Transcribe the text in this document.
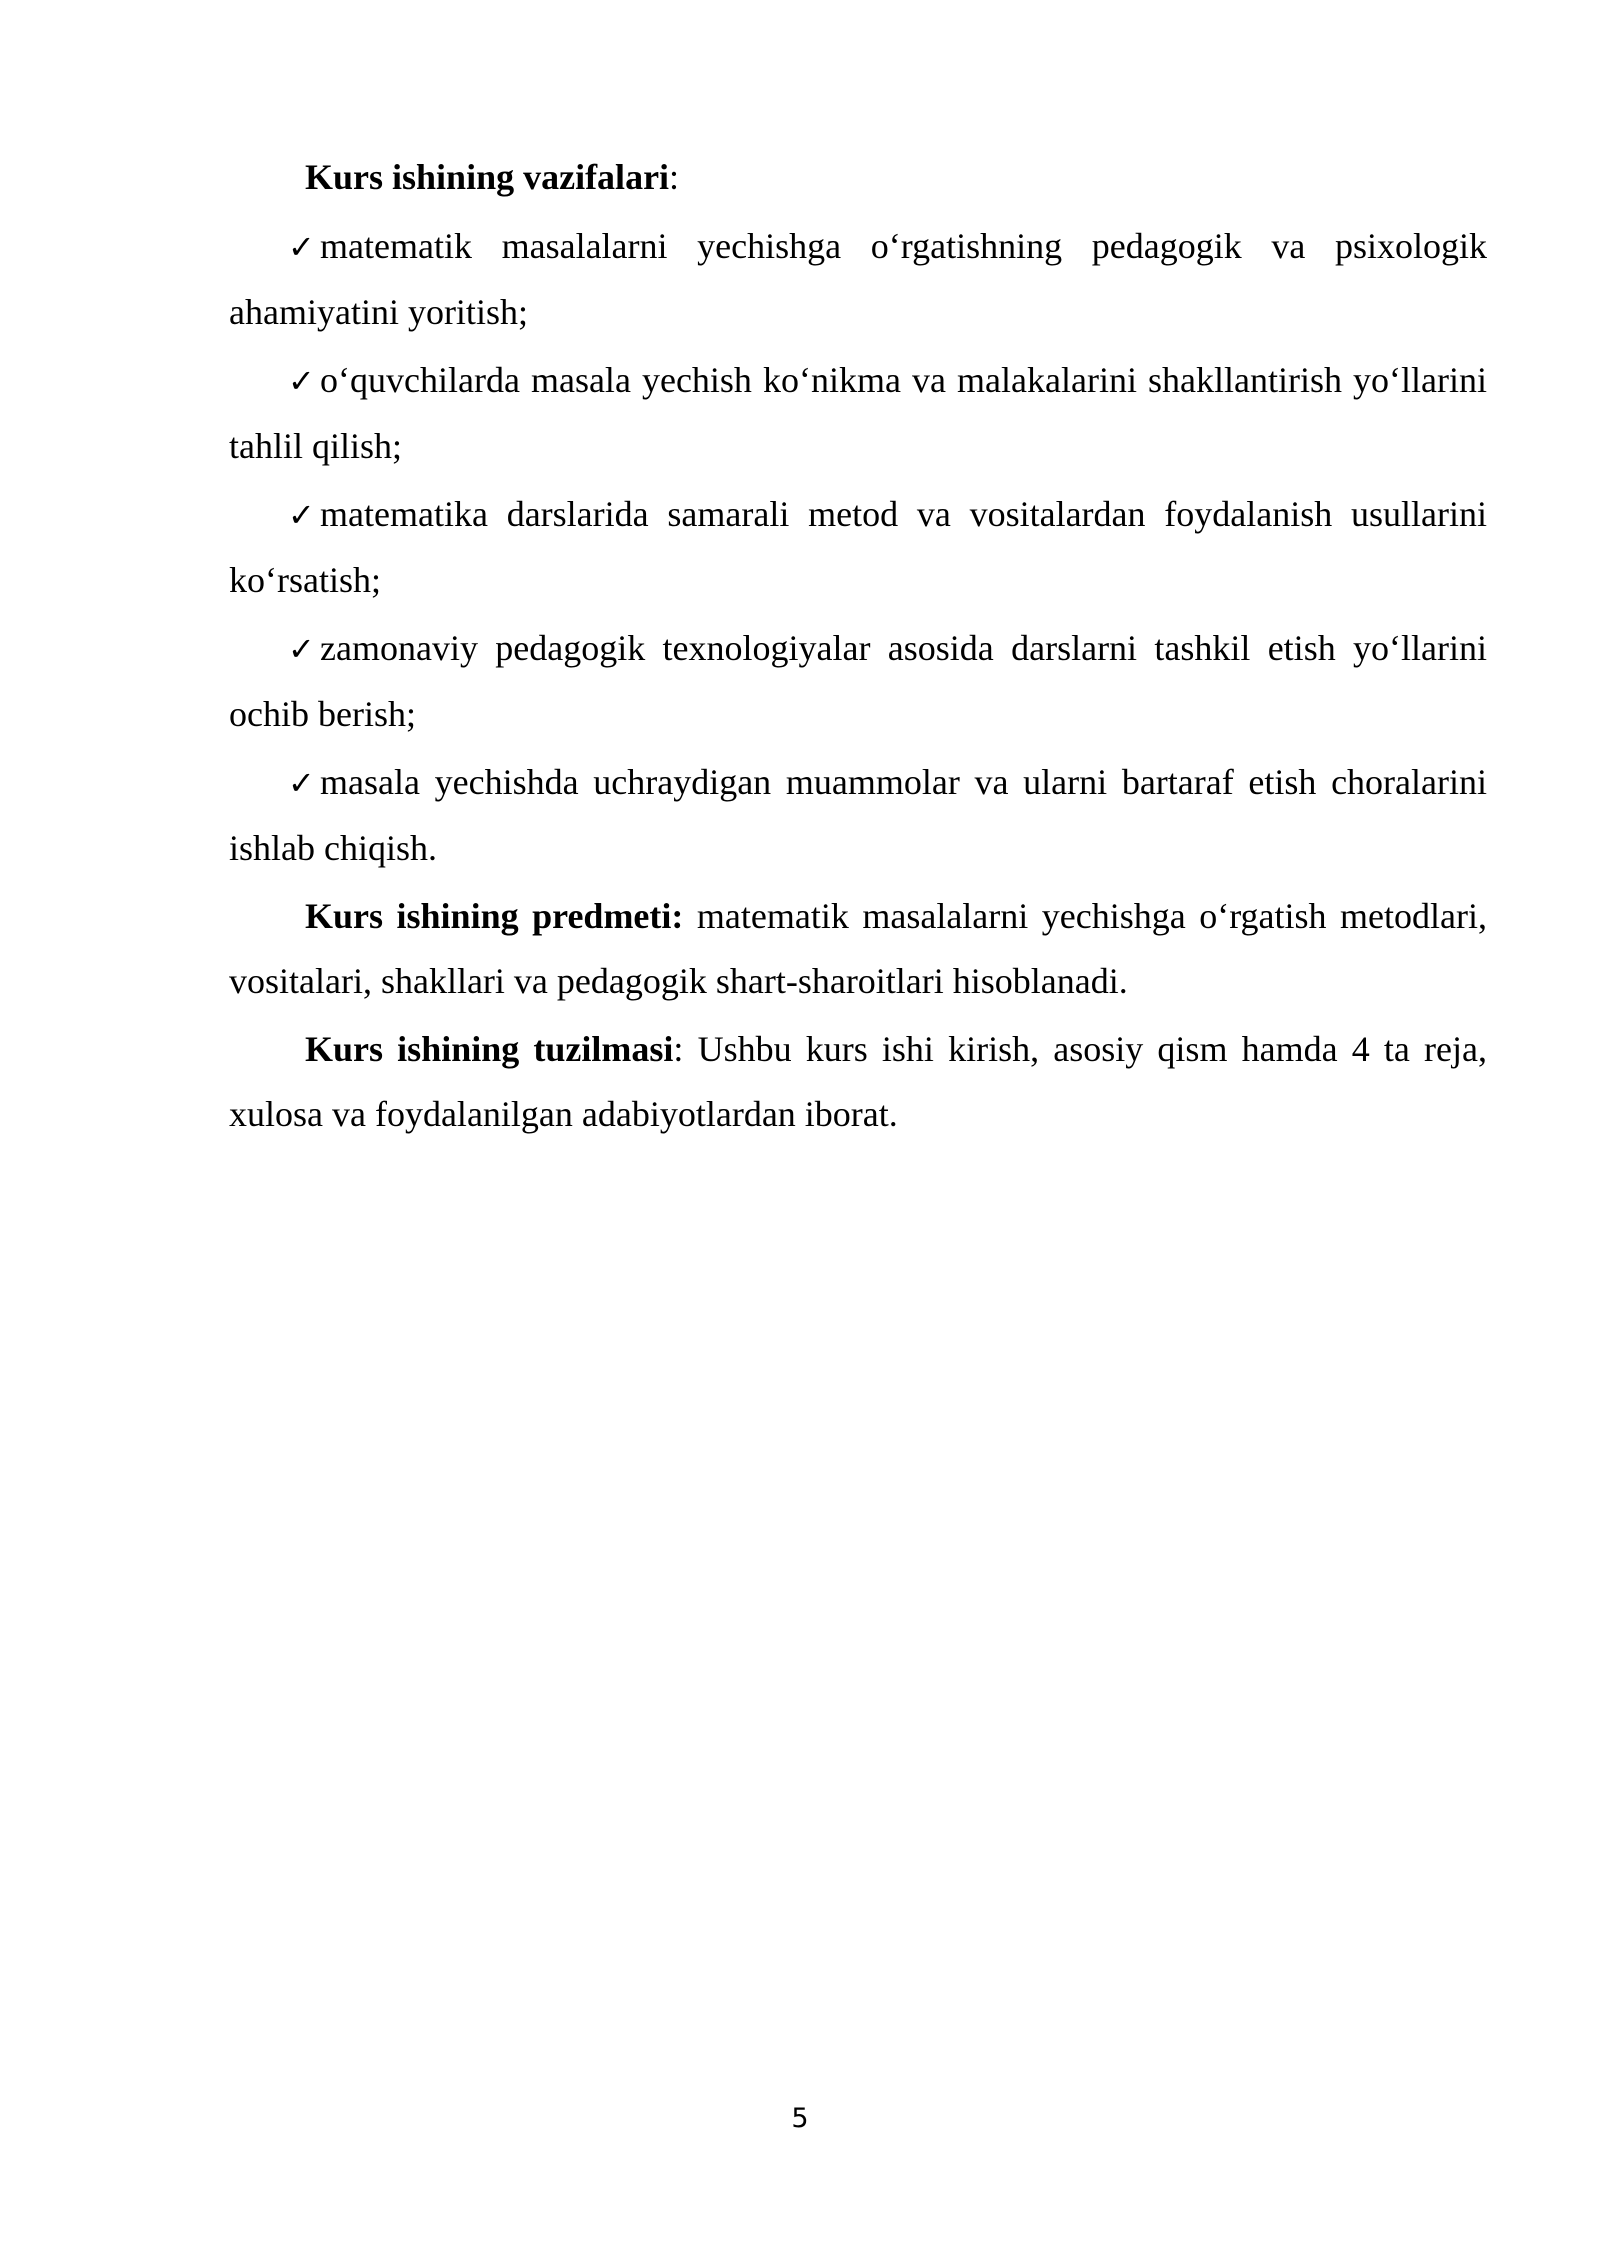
Kurs ishining vazifalari:

✓ matematik masalalarni yechishga o‘rgatishning pedagogik va psixologik ahamiyatini yoritish;

✓ o‘quvchilarda masala yechish ko‘nikma va malakalarini shakllantirish yo‘llarini tahlil qilish;

✓ matematika darslarida samarali metod va vositalardan foydalanish usullarini ko‘rsatish;

✓ zamonaviy pedagogik texnologiyalar asosida darslarni tashkil etish yo‘llarini ochib berish;

✓ masala yechishda uchraydigan muammolar va ularni bartaraf etish choralarini ishlab chiqish.

Kurs ishining predmeti: matematik masalalarni yechishga o‘rgatish metodlari, vositalari, shakllari va pedagogik shart-sharoitlari hisoblanadi.

Kurs ishining tuzilmasi: Ushbu kurs ishi kirish, asosiy qism hamda 4 ta reja, xulosa va foydalanilgan adabiyotlardan iborat.

5
